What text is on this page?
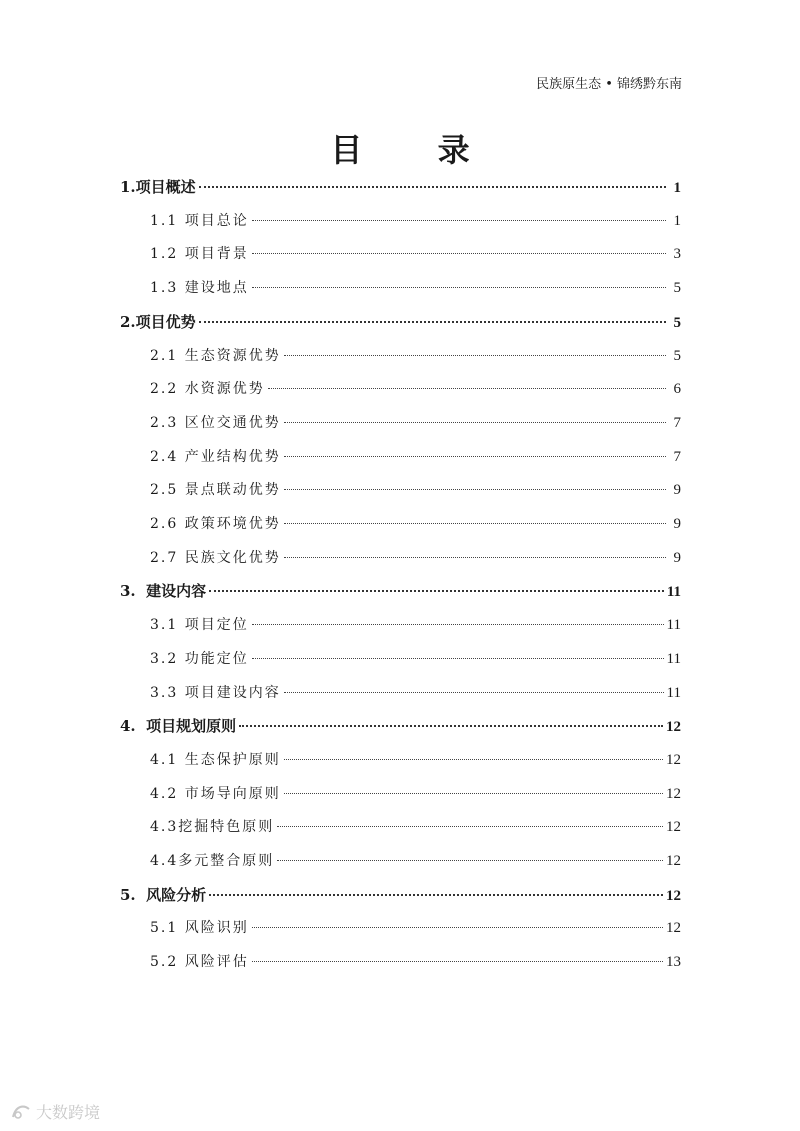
民族原生态 • 锦绣黔东南
目 录
1. 项目概述	1
1.1 项目总论	1
1.2 项目背景	3
1.3 建设地点	5
2. 项目优势	5
2.1 生态资源优势	5
2.2 水资源优势	6
2.3 区位交通优势	7
2.4 产业结构优势	7
2.5 景点联动优势	9
2.6 政策环境优势	9
2.7 民族文化优势	9
3. 建设内容	11
3.1 项目定位	11
3.2 功能定位	11
3.3 项目建设内容	11
4. 项目规划原则	12
4.1 生态保护原则	12
4.2 市场导向原则	12
4.3 挖掘特色原则	12
4.4 多元整合原则	12
5. 风险分析	12
5.1 风险识别	12
5.2 风险评估	13
大数跨境
